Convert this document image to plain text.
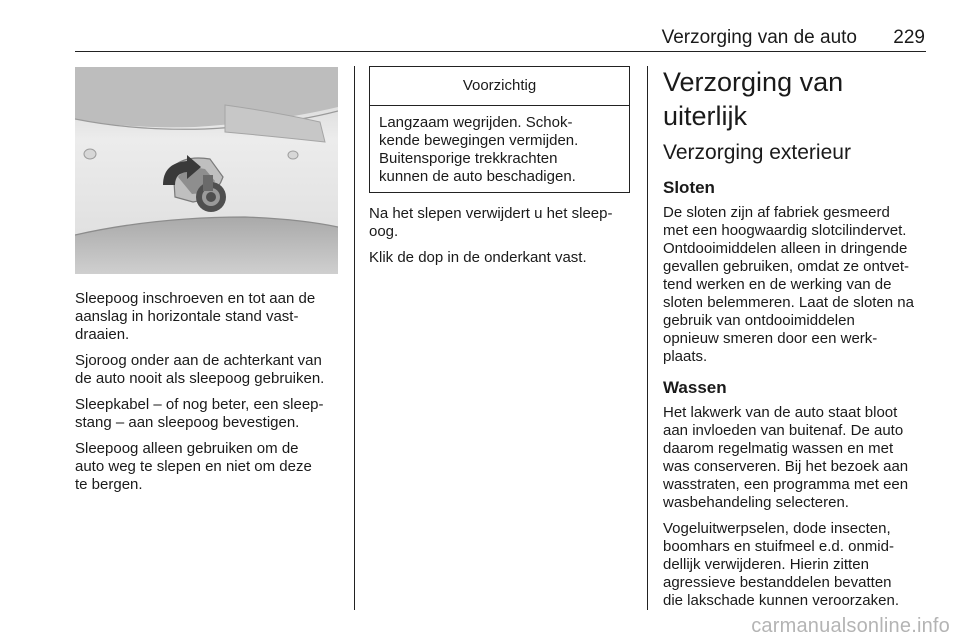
Verzorging van de auto 229

Sleepoog inschroeven en tot aan de
aanslag in horizontale stand vast-
draaien.

Sjoroog onder aan de achterkant van
de auto nooit als sleepoog gebruiken.

Sleepkabel – of nog beter, een sleep-
stang – aan sleepoog bevestigen.

Sleepoog alleen gebruiken om de
auto weg te slepen en niet om deze
te bergen.

Voorzichtig
Langzaam wegrijden. Schok-
kende bewegingen vermijden.
Buitensporige trekkrachten
kunnen de auto beschadigen.

Na het slepen verwijdert u het sleep-
oog.

Klik de dop in de onderkant vast.

Verzorging van uiterlijk
Verzorging exterieur
Sloten

De sloten zijn af fabriek gesmeerd
met een hoogwaardig slotcilindervet.
Ontdooimiddelen alleen in dringende
gevallen gebruiken, omdat ze ontvet-
tend werken en de werking van de
sloten belemmeren. Laat de sloten na
gebruik van ontdooimiddelen
opnieuw smeren door een werk-
plaats.

Wassen

Het lakwerk van de auto staat bloot
aan invloeden van buitenaf. De auto
daarom regelmatig wassen en met
was conserveren. Bij het bezoek aan
wasstraten, een programma met een
wasbehandeling selecteren.

Vogeluitwerpselen, dode insecten,
boomhars en stuifmeel e.d. onmid-
dellijk verwijderen. Hierin zitten
agressieve bestanddelen bevatten
die lakschade kunnen veroorzaken.

carmanualsonline.info
